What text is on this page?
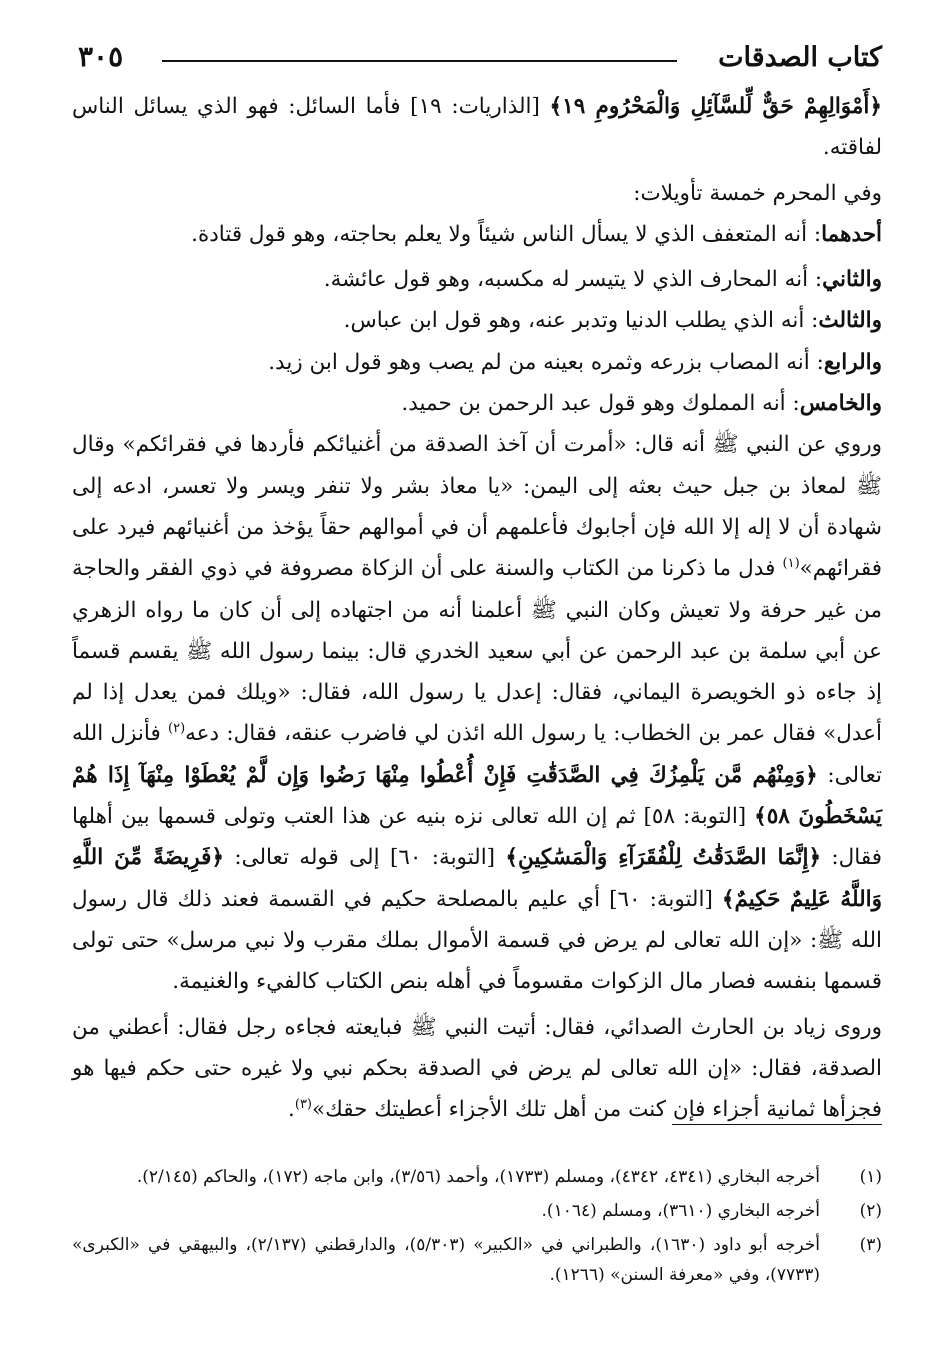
كتاب الصدقات
٣٠٥

﴿أَمْوَالِهِمْ حَقٌّ لِّلسَّآئِلِ وَالْمَحْرُومِ ١٩﴾ [الذاريات: ١٩] فأما السائل: فهو الذي يسائل الناس لفاقته.

وفي المحرم خمسة تأويلات:

أحدهما: أنه المتعفف الذي لا يسأل الناس شيئاً ولا يعلم بحاجته، وهو قول قتادة.

والثاني: أنه المحارف الذي لا يتيسر له مكسبه، وهو قول عائشة.

والثالث: أنه الذي يطلب الدنيا وتدبر عنه، وهو قول ابن عباس.

والرابع: أنه المصاب بزرعه وثمره بعينه من لم يصب وهو قول ابن زيد.

والخامس: أنه المملوك وهو قول عبد الرحمن بن حميد.

وروي عن النبي ﷺ أنه قال: «أمرت أن آخذ الصدقة من أغنيائكم فأردها في فقرائكم» وقال ﷺ لمعاذ بن جبل حيث بعثه إلى اليمن: «يا معاذ بشر ولا تنفر ويسر ولا تعسر، ادعه إلى شهادة أن لا إله إلا الله فإن أجابوك فأعلمهم أن في أموالهم حقاً يؤخذ من أغنيائهم فيرد على فقرائهم»$^{(١)}$ فدل ما ذكرنا من الكتاب والسنة على أن الزكاة مصروفة في ذوي الفقر والحاجة من غير حرفة ولا تعيش وكان النبي ﷺ أعلمنا أنه من اجتهاده إلى أن كان ما رواه الزهري عن أبي سلمة بن عبد الرحمن عن أبي سعيد الخدري قال: بينما رسول الله ﷺ يقسم قسماً إذ جاءه ذو الخويصرة اليماني، فقال: إعدل يا رسول الله، فقال: «ويلك فمن يعدل إذا لم أعدل» فقال عمر بن الخطاب: يا رسول الله ائذن لي فاضرب عنقه، فقال: دعه$^{(٢)}$ فأنزل الله تعالى: ﴿وَمِنْهُم مَّن يَلْمِزُكَ فِي الصَّدَقَٰتِ فَإِنْ أُعْطُوا مِنْهَا رَضُوا وَإِن لَّمْ يُعْطَوْا مِنْهَآ إِذَا هُمْ يَسْخَطُونَ ٥٨﴾ [التوبة: ٥٨] ثم إن الله تعالى نزه بنيه عن هذا العتب وتولى قسمها بين أهلها فقال: ﴿إِنَّمَا الصَّدَقَٰتُ لِلْفُقَرَآءِ وَالْمَسَٰكِينِ﴾ [التوبة: ٦٠] إلى قوله تعالى: ﴿فَرِيضَةً مِّنَ اللَّهِ وَاللَّهُ عَلِيمٌ حَكِيمٌ﴾ [التوبة: ٦٠] أي عليم بالمصلحة حكيم في القسمة فعند ذلك قال رسول الله ﷺ: «إن الله تعالى لم يرض في قسمة الأموال بملك مقرب ولا نبي مرسل» حتى تولى قسمها بنفسه فصار مال الزكوات مقسوماً في أهله بنص الكتاب كالفيء والغنيمة.

وروى زياد بن الحارث الصدائي، فقال: أتيت النبي ﷺ فبايعته فجاءه رجل فقال: أعطني من الصدقة، فقال: «إن الله تعالى لم يرض في الصدقة بحكم نبي ولا غيره حتى حكم فيها هو فجزأها ثمانية أجزاء فإن كنت من أهل تلك الأجزاء أعطيتك حقك»$^{(٣)}$.

(١)
أخرجه البخاري (٤٣٤١، ٤٣٤٢)، ومسلم (١٧٣٣)، وأحمد (٣/٥٦)، وابن ماجه (١٧٢)، والحاكم (٢/١٤٥).
(٢)
أخرجه البخاري (٣٦١٠)، ومسلم (١٠٦٤).
(٣)
أخرجه أبو داود (١٦٣٠)، والطبراني في «الكبير» (٥/٣٠٣)، والدارقطني (٢/١٣٧)، والبيهقي في «الكبرى» (٧٧٣٣)، وفي «معرفة السنن» (١٢٦٦).
